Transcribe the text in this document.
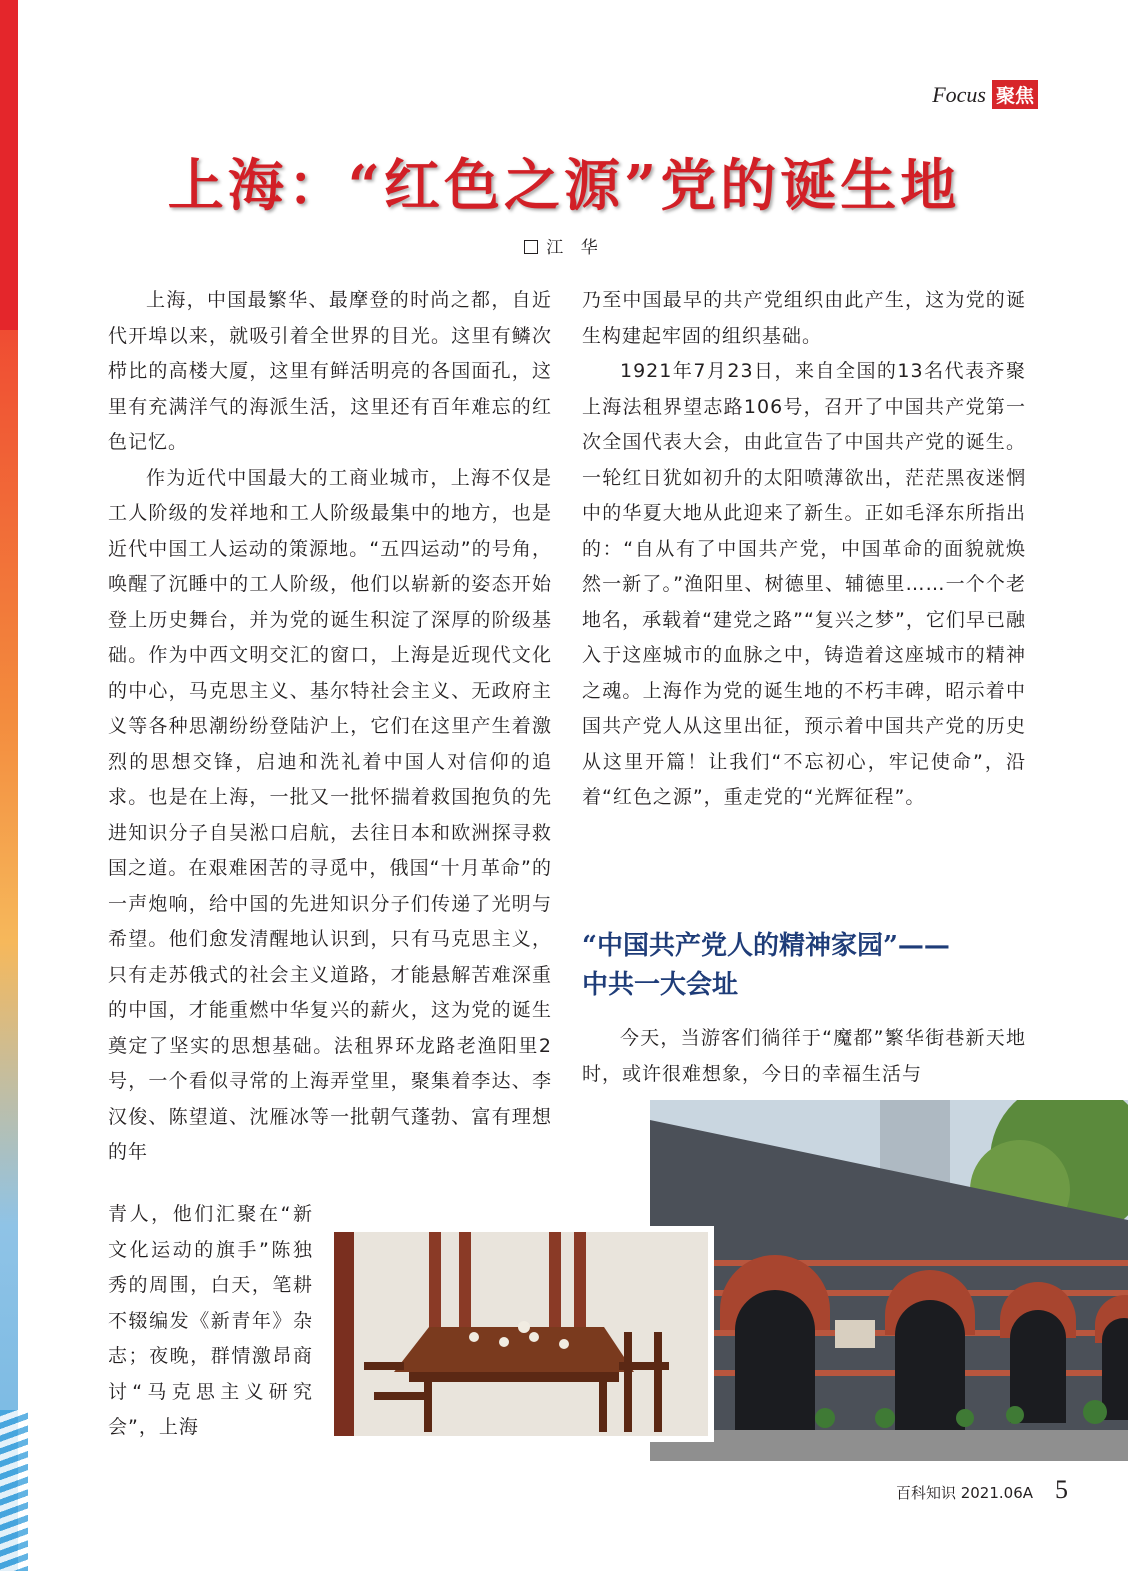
Focus 聚焦
上海：“红色之源”党的诞生地
江 华

上海，中国最繁华、最摩登的时尚之都，自近代开埠以来，就吸引着全世界的目光。这里有鳞次栉比的高楼大厦，这里有鲜活明亮的各国面孔，这里有充满洋气的海派生活，这里还有百年难忘的红色记忆。

作为近代中国最大的工商业城市，上海不仅是工人阶级的发祥地和工人阶级最集中的地方，也是近代中国工人运动的策源地。“五四运动”的号角，唤醒了沉睡中的工人阶级，他们以崭新的姿态开始登上历史舞台，并为党的诞生积淀了深厚的阶级基础。作为中西文明交汇的窗口，上海是近现代文化的中心，马克思主义、基尔特社会主义、无政府主义等各种思潮纷纷登陆沪上，它们在这里产生着激烈的思想交锋，启迪和洗礼着中国人对信仰的追求。也是在上海，一批又一批怀揣着救国抱负的先进知识分子自吴淞口启航，去往日本和欧洲探寻救国之道。在艰难困苦的寻觅中，俄国“十月革命”的一声炮响，给中国的先进知识分子们传递了光明与希望。他们愈发清醒地认识到，只有马克思主义，只有走苏俄式的社会主义道路，才能悬解苦难深重的中国，才能重燃中华复兴的薪火，这为党的诞生奠定了坚实的思想基础。法租界环龙路老渔阳里2号，一个看似寻常的上海弄堂里，聚集着李达、李汉俊、陈望道、沈雁冰等一批朝气蓬勃、富有理想的年

青人，他们汇聚在“新文化运动的旗手”陈独秀的周围，白天，笔耕不辍编发《新青年》杂志；夜晚，群情激昂商讨“马克思主义研究会”，上海

乃至中国最早的共产党组织由此产生，这为党的诞生构建起牢固的组织基础。

1921年7月23日，来自全国的13名代表齐聚上海法租界望志路106号，召开了中国共产党第一次全国代表大会，由此宣告了中国共产党的诞生。一轮红日犹如初升的太阳喷薄欲出，茫茫黑夜迷惘中的华夏大地从此迎来了新生。正如毛泽东所指出的：“自从有了中国共产党，中国革命的面貌就焕然一新了。”渔阳里、树德里、辅德里……一个个老地名，承载着“建党之路”“复兴之梦”，它们早已融入于这座城市的血脉之中，铸造着这座城市的精神之魂。上海作为党的诞生地的不朽丰碑，昭示着中国共产党人从这里出征，预示着中国共产党的历史从这里开篇！让我们“不忘初心，牢记使命”，沿着“红色之源”，重走党的“光辉征程”。

“中国共产党人的精神家园”——
中共一大会址

今天，当游客们徜徉于“魔都”繁华街巷新天地时，或许很难想象，今日的幸福生活与

百科知识 2021.06A 5
